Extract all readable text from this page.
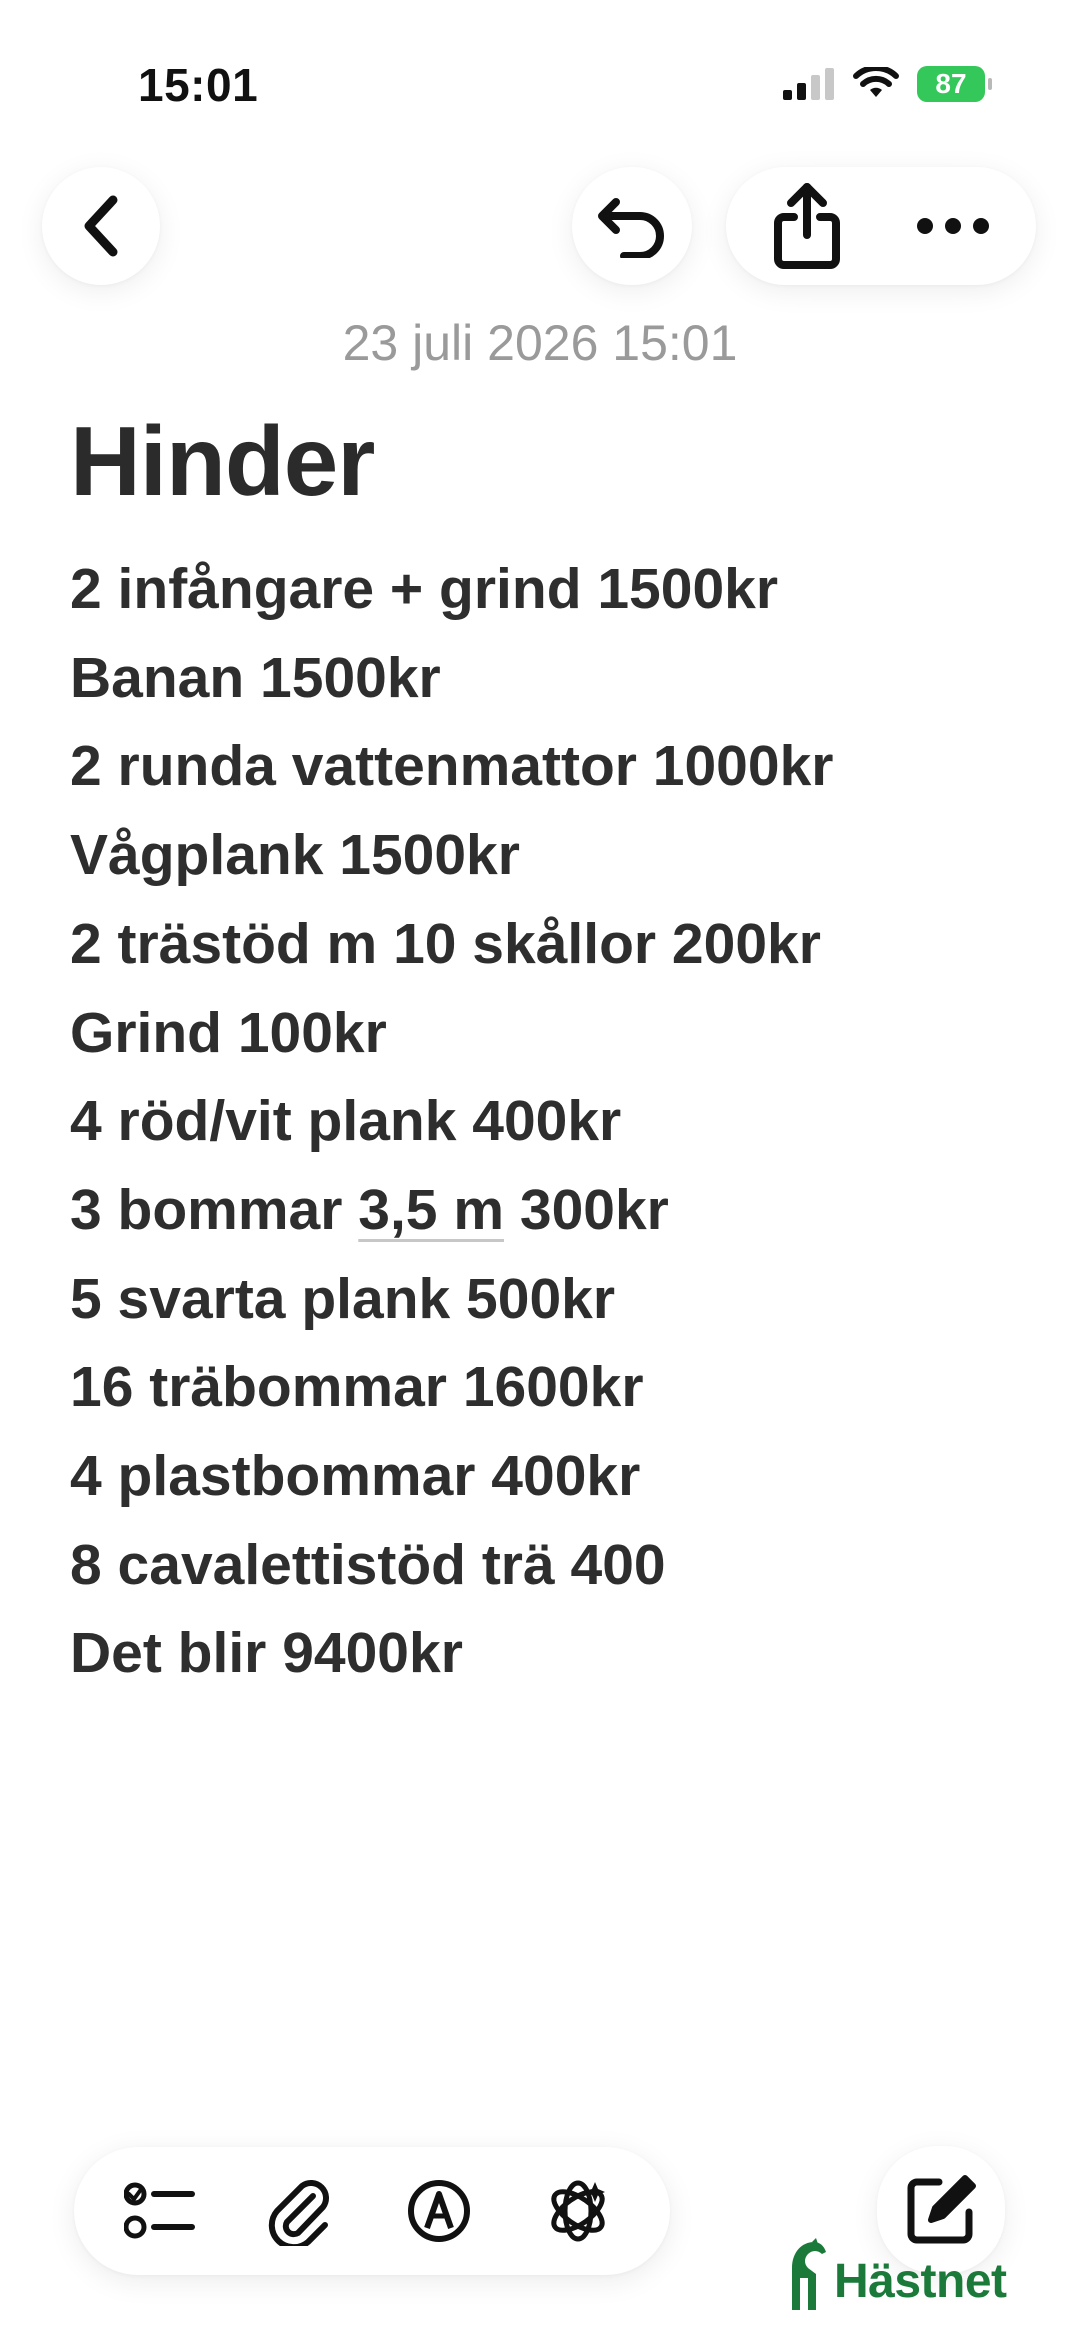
15:01	87
23 juli 2026 15:01
Hinder
2 infångare + grind 1500kr
Banan 1500kr
2 runda vattenmattor 1000kr
Vågplank 1500kr
2 trästöd m 10 skållor 200kr
Grind 100kr
4 röd/vit plank 400kr
3 bommar 3,5 m 300kr
5 svarta plank 500kr
16 träbommar 1600kr
4 plastbommar 400kr
8 cavalettistöd trä 400
Det blir 9400kr
Hästnet
